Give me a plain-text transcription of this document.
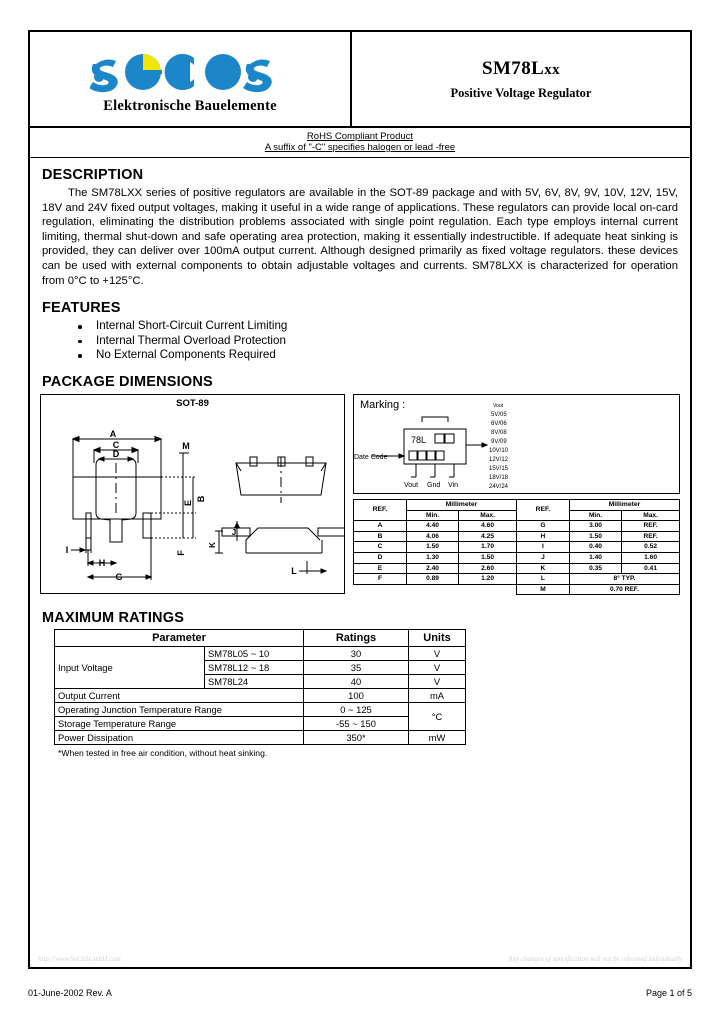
Elektronische Bauelemente
SM78Lxx
Positive Voltage Regulator
RoHS Compliant Product
A suffix of "-C" specifies halogen or lead -free
DESCRIPTION

The SM78LXX series of positive regulators are available in the SOT-89 package and with 5V, 6V, 8V, 9V, 10V, 12V, 15V, 18V and 24V fixed output voltages, making it useful in a wide range of applications. These regulators can provide local on-card regulation, eliminating the distribution problems associated with single point regulation. Each type employs internal current limiting, thermal shut-down and safe operating area protection, making it essentially indestructible. If adequate heat sinking is provided, they can deliver over 100mA output current. Although designed primarily as fixed voltage regulators. these devices can be used with external components to obtain adjustable voltages and currents. SM78LXX is characterized for operation from 0°C to +125°C.

FEATURES
Internal Short-Circuit Current Limiting
Internal Thermal Overload Protection
No External Components Required
PACKAGE DIMENSIONS
SOT-89
A
C
D
M
E
B
F
I
H
G
J
K
L
Marking :
78L
Date Code
Vout Gnd Vin
Vout
5V/05
6V/06
8V/08
9V/09
10V/10
12V/12
15V/15
18V/18
24V/24
REF.	Millimeter		REF.	Millimeter	
	Min.	Max.		Min.	Max.
A	4.40	4.60	G	3.00	REF.
B	4.06	4.25	H	1.50	REF.
C	1.50	1.70	I	0.40	0.52
D	1.30	1.50	J	1.40	1.60
E	2.40	2.60	K	0.35	0.41
F	0.89	1.20	L	8° TYP.	
			M	0.70 REF.	
MAXIMUM RATINGS
Parameter		Ratings	Units
Input Voltage	SM78L05 ~ 10	30	V
	SM78L12 ~ 18	35	V
	SM78L24	40	V
Output Current		100	mA
Operating Junction Temperature Range		0 ~ 125	°C
Storage Temperature Range		-55 ~ 150	
Power Dissipation		350*	mW
*When tested in free air condition, without heat sinking.
http://www.SeCoSGmbH.com	Any changes of specification will not be informed individually
01-June-2002 Rev. A	Page 1 of 5
